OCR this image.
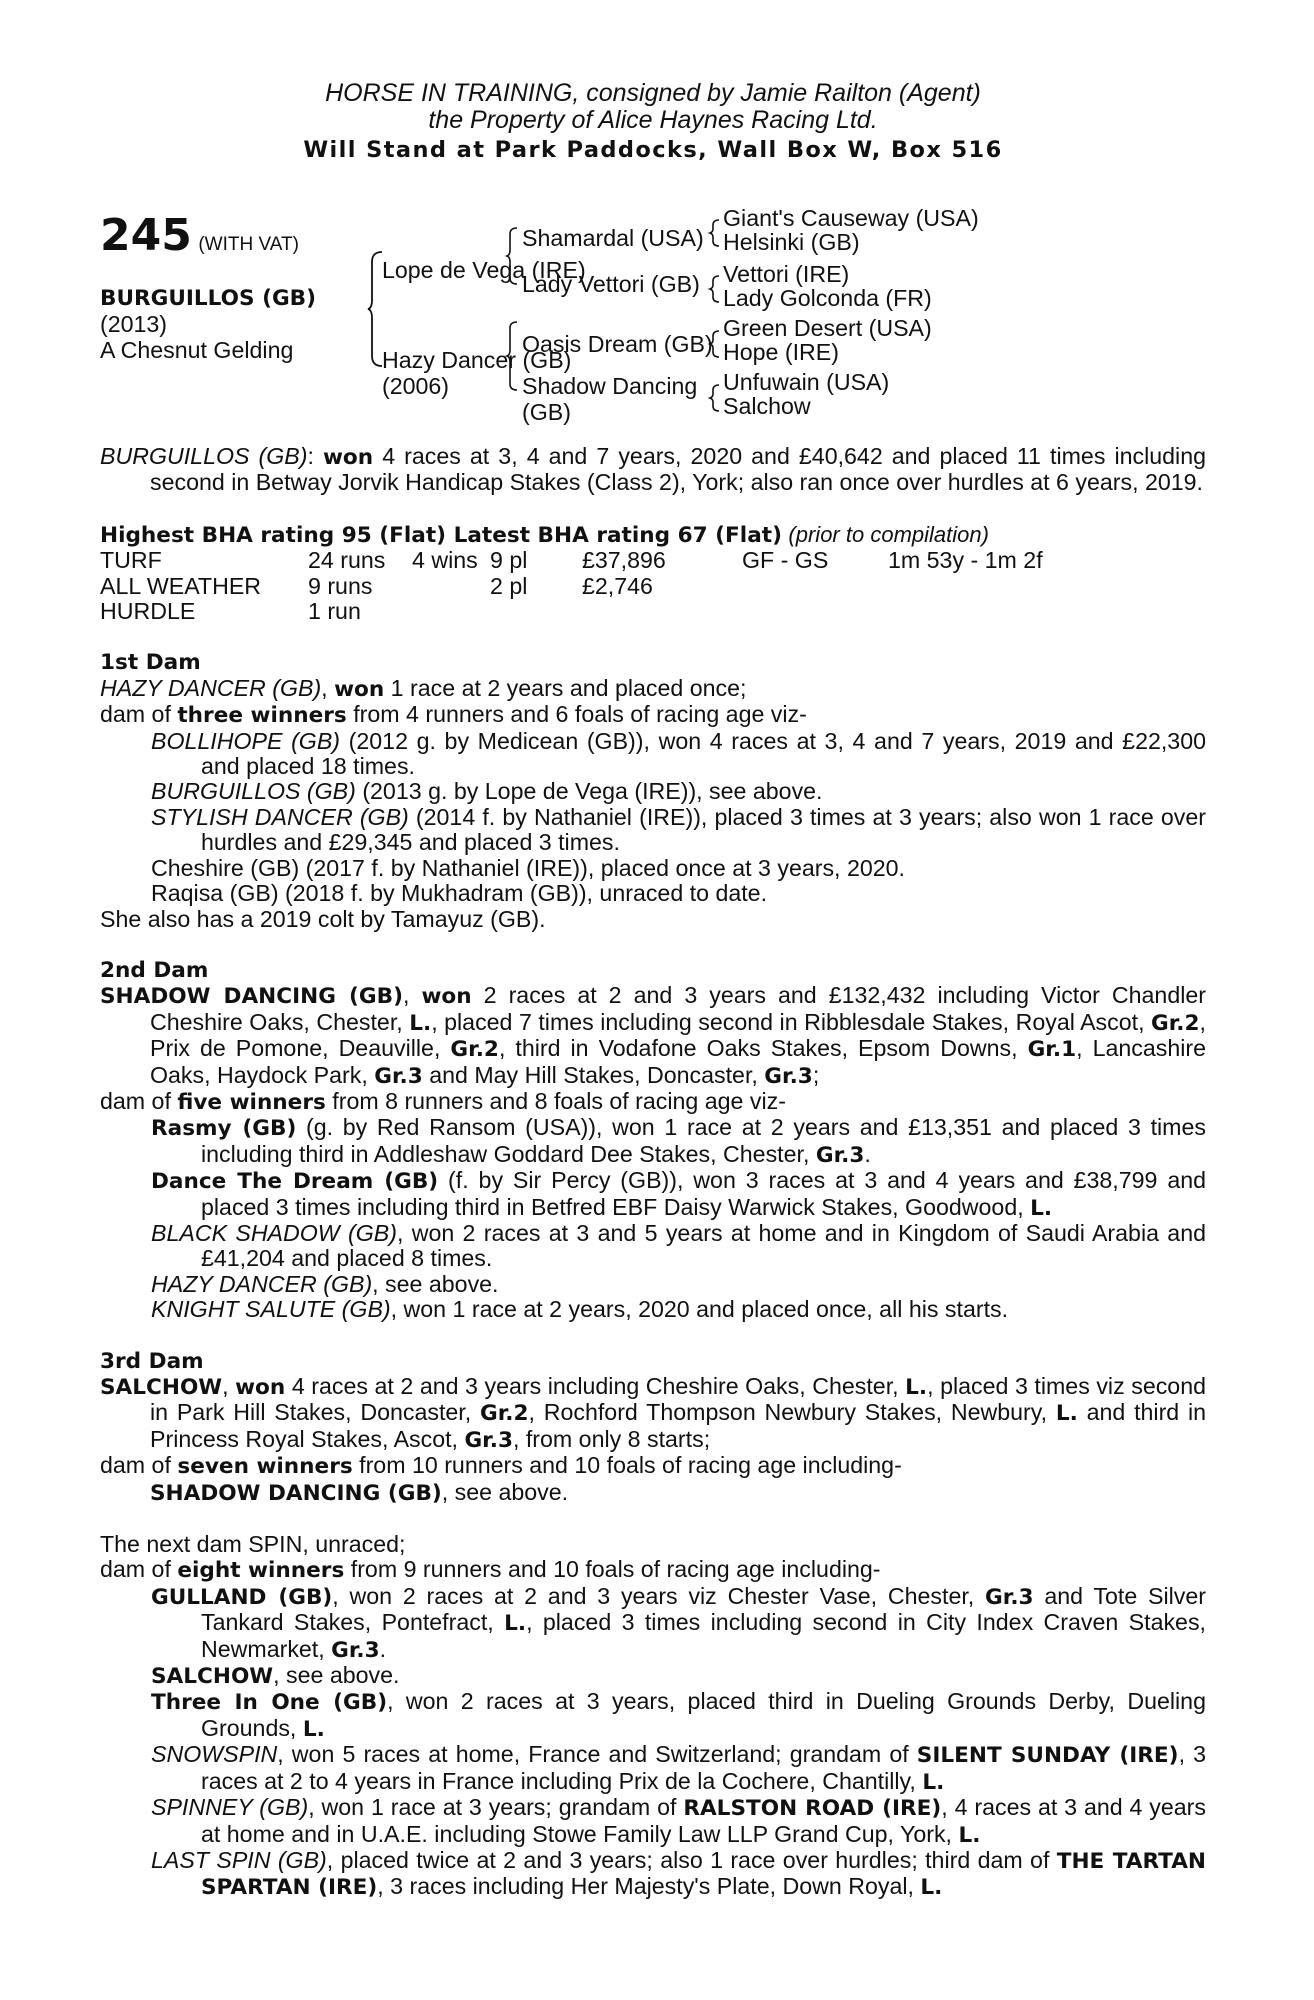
HORSE IN TRAINING, consigned by Jamie Railton (Agent)
the Property of Alice Haynes Racing Ltd.
Will Stand at Park Paddocks, Wall Box W, Box 516
245 (WITH VAT)
BURGUILLOS (GB)
(2013)
A Chesnut Gelding
Lope de Vega (IRE)
Hazy Dancer (GB)
(2006)
Shamardal (USA)
Lady Vettori (GB)
Oasis Dream (GB)
Shadow Dancing
(GB)
Giant's Causeway (USA)
Helsinki (GB)
Vettori (IRE)
Lady Golconda (FR)
Green Desert (USA)
Hope (IRE)
Unfuwain (USA)
Salchow

BURGUILLOS (GB): won 4 races at 3, 4 and 7 years, 2020 and £40,642 and placed 11 times including second in Betway Jorvik Handicap Stakes (Class 2), York; also ran once over hurdles at 6 years, 2019.

Highest BHA rating 95 (Flat) Latest BHA rating 67 (Flat) (prior to compilation)

TURF	24 runs	4 wins 9 pl	£37,896	GF - GS	1m 53y - 1m 2f
ALL WEATHER	9 runs	2 pl	£2,746
HURDLE	1 run

1st Dam

HAZY DANCER (GB), won 1 race at 2 years and placed once;

dam of three winners from 4 runners and 6 foals of racing age viz-

BOLLIHOPE (GB) (2012 g. by Medicean (GB)), won 4 races at 3, 4 and 7 years, 2019 and £22,300 and placed 18 times.

BURGUILLOS (GB) (2013 g. by Lope de Vega (IRE)), see above.

STYLISH DANCER (GB) (2014 f. by Nathaniel (IRE)), placed 3 times at 3 years; also won 1 race over hurdles and £29,345 and placed 3 times.

Cheshire (GB) (2017 f. by Nathaniel (IRE)), placed once at 3 years, 2020.

Raqisa (GB) (2018 f. by Mukhadram (GB)), unraced to date.

She also has a 2019 colt by Tamayuz (GB).

2nd Dam

SHADOW DANCING (GB), won 2 races at 2 and 3 years and £132,432 including Victor Chandler Cheshire Oaks, Chester, L., placed 7 times including second in Ribblesdale Stakes, Royal Ascot, Gr.2, Prix de Pomone, Deauville, Gr.2, third in Vodafone Oaks Stakes, Epsom Downs, Gr.1, Lancashire Oaks, Haydock Park, Gr.3 and May Hill Stakes, Doncaster, Gr.3;

dam of five winners from 8 runners and 8 foals of racing age viz-

Rasmy (GB) (g. by Red Ransom (USA)), won 1 race at 2 years and £13,351 and placed 3 times including third in Addleshaw Goddard Dee Stakes, Chester, Gr.3.

Dance The Dream (GB) (f. by Sir Percy (GB)), won 3 races at 3 and 4 years and £38,799 and placed 3 times including third in Betfred EBF Daisy Warwick Stakes, Goodwood, L.

BLACK SHADOW (GB), won 2 races at 3 and 5 years at home and in Kingdom of Saudi Arabia and £41,204 and placed 8 times.

HAZY DANCER (GB), see above.

KNIGHT SALUTE (GB), won 1 race at 2 years, 2020 and placed once, all his starts.

3rd Dam

SALCHOW, won 4 races at 2 and 3 years including Cheshire Oaks, Chester, L., placed 3 times viz second in Park Hill Stakes, Doncaster, Gr.2, Rochford Thompson Newbury Stakes, Newbury, L. and third in Princess Royal Stakes, Ascot, Gr.3, from only 8 starts;

dam of seven winners from 10 runners and 10 foals of racing age including-

SHADOW DANCING (GB), see above.

The next dam SPIN, unraced;

dam of eight winners from 9 runners and 10 foals of racing age including-

GULLAND (GB), won 2 races at 2 and 3 years viz Chester Vase, Chester, Gr.3 and Tote Silver Tankard Stakes, Pontefract, L., placed 3 times including second in City Index Craven Stakes, Newmarket, Gr.3.

SALCHOW, see above.

Three In One (GB), won 2 races at 3 years, placed third in Dueling Grounds Derby, Dueling Grounds, L.

SNOWSPIN, won 5 races at home, France and Switzerland; grandam of SILENT SUNDAY (IRE), 3 races at 2 to 4 years in France including Prix de la Cochere, Chantilly, L.

SPINNEY (GB), won 1 race at 3 years; grandam of RALSTON ROAD (IRE), 4 races at 3 and 4 years at home and in U.A.E. including Stowe Family Law LLP Grand Cup, York, L.

LAST SPIN (GB), placed twice at 2 and 3 years; also 1 race over hurdles; third dam of THE TARTAN SPARTAN (IRE), 3 races including Her Majesty's Plate, Down Royal, L.
